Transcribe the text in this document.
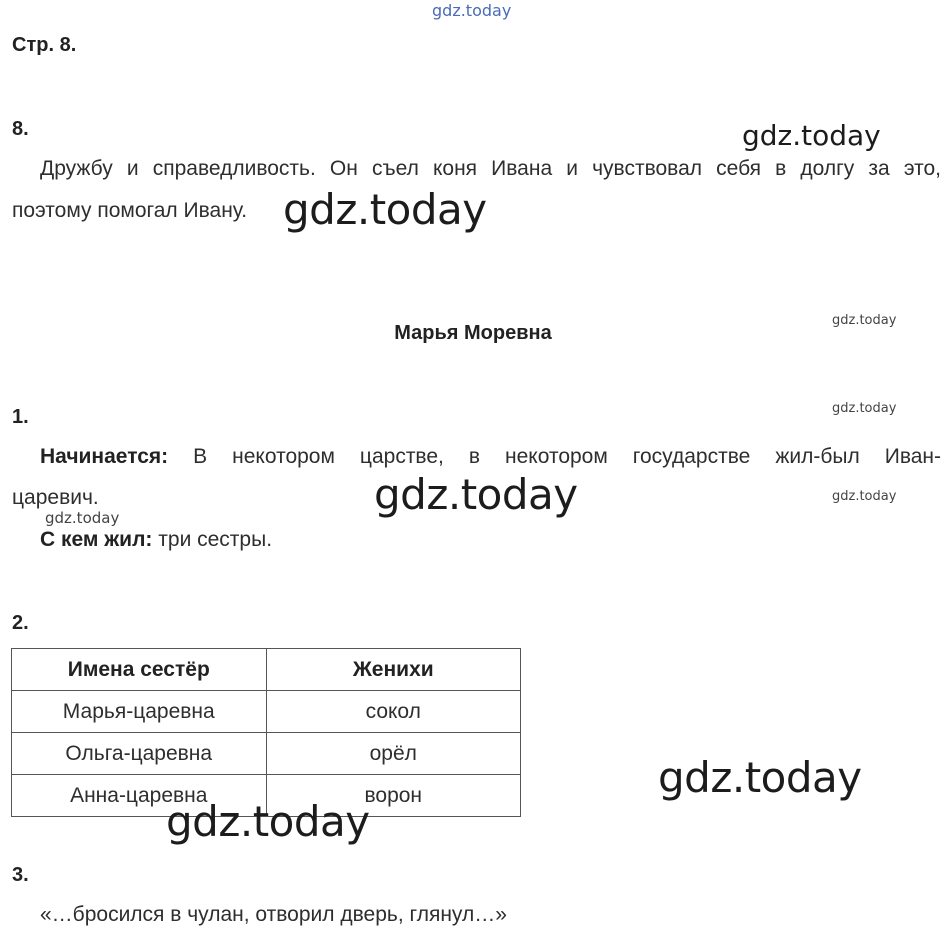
gdz.today
Стр. 8.
8.	gdz.today
Дружбу и справедливость. Он съел коня Ивана и чувствовал себя в долгу за это,
поэтому помогал Ивану. gdz.today
Марья Моревна
gdz.today
1.	gdz.today
Начинается: В некотором царстве, в некотором государстве жил-был Иван-
царевич.	gdz.today	gdz.today
gdz.today
С кем жил: три сестры.
2.
Имена сестёр	Женихи
Марья-царевна	сокол
Ольга-царевна	орёл
Анна-царевна	ворон	gdz.today
gdz.today
3.
«…бросился в чулан, отворил дверь, глянул…»
